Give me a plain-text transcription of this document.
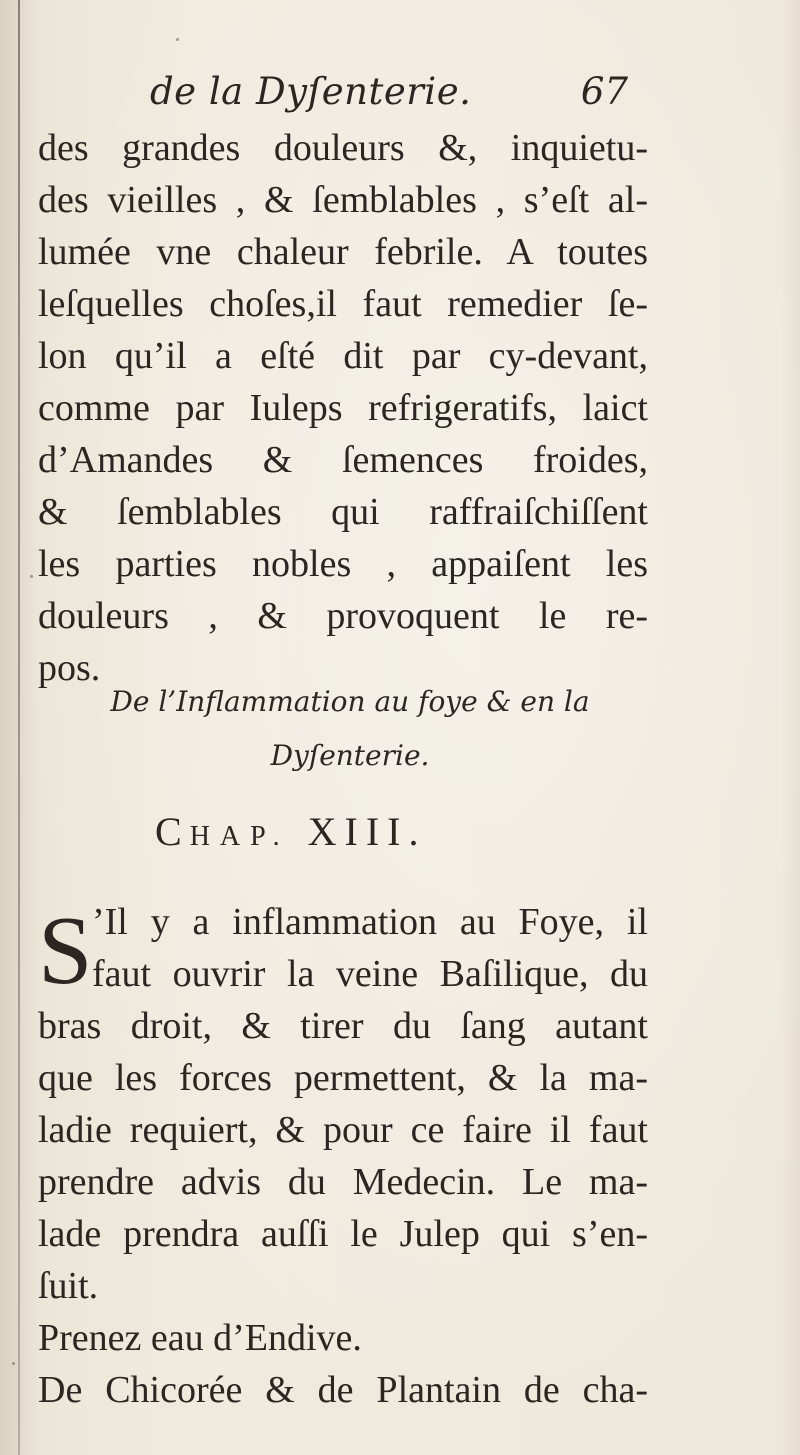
de la Dyſenterie.	67
des grandes douleurs &, inquietu-
des vieilles , & ſemblables , s’eſt al-
lumée vne chaleur febrile. A toutes
leſquelles choſes,il faut remedier ſe-
lon qu’il a eſté dit par cy-devant,
comme par Iuleps refrigeratifs, laict
d’Amandes & ſemences froides,
& ſemblables qui raffraiſchiſſent
les parties nobles , appaiſent les
douleurs , & provoquent le re-
pos.
De l’Inflammation au foye & en la
Dyſenterie.
CHAP. XIII.
S ’Il y a inflammation au Foye, il
faut ouvrir la veine Baſilique, du
bras droit, & tirer du ſang autant
que les forces permettent, & la ma-
ladie requiert, & pour ce faire il faut
prendre advis du Medecin. Le ma-
lade prendra auſſi le Julep qui s’en-
ſuit.
Prenez eau d’Endive.
De Chicorée & de Plantain de cha-
